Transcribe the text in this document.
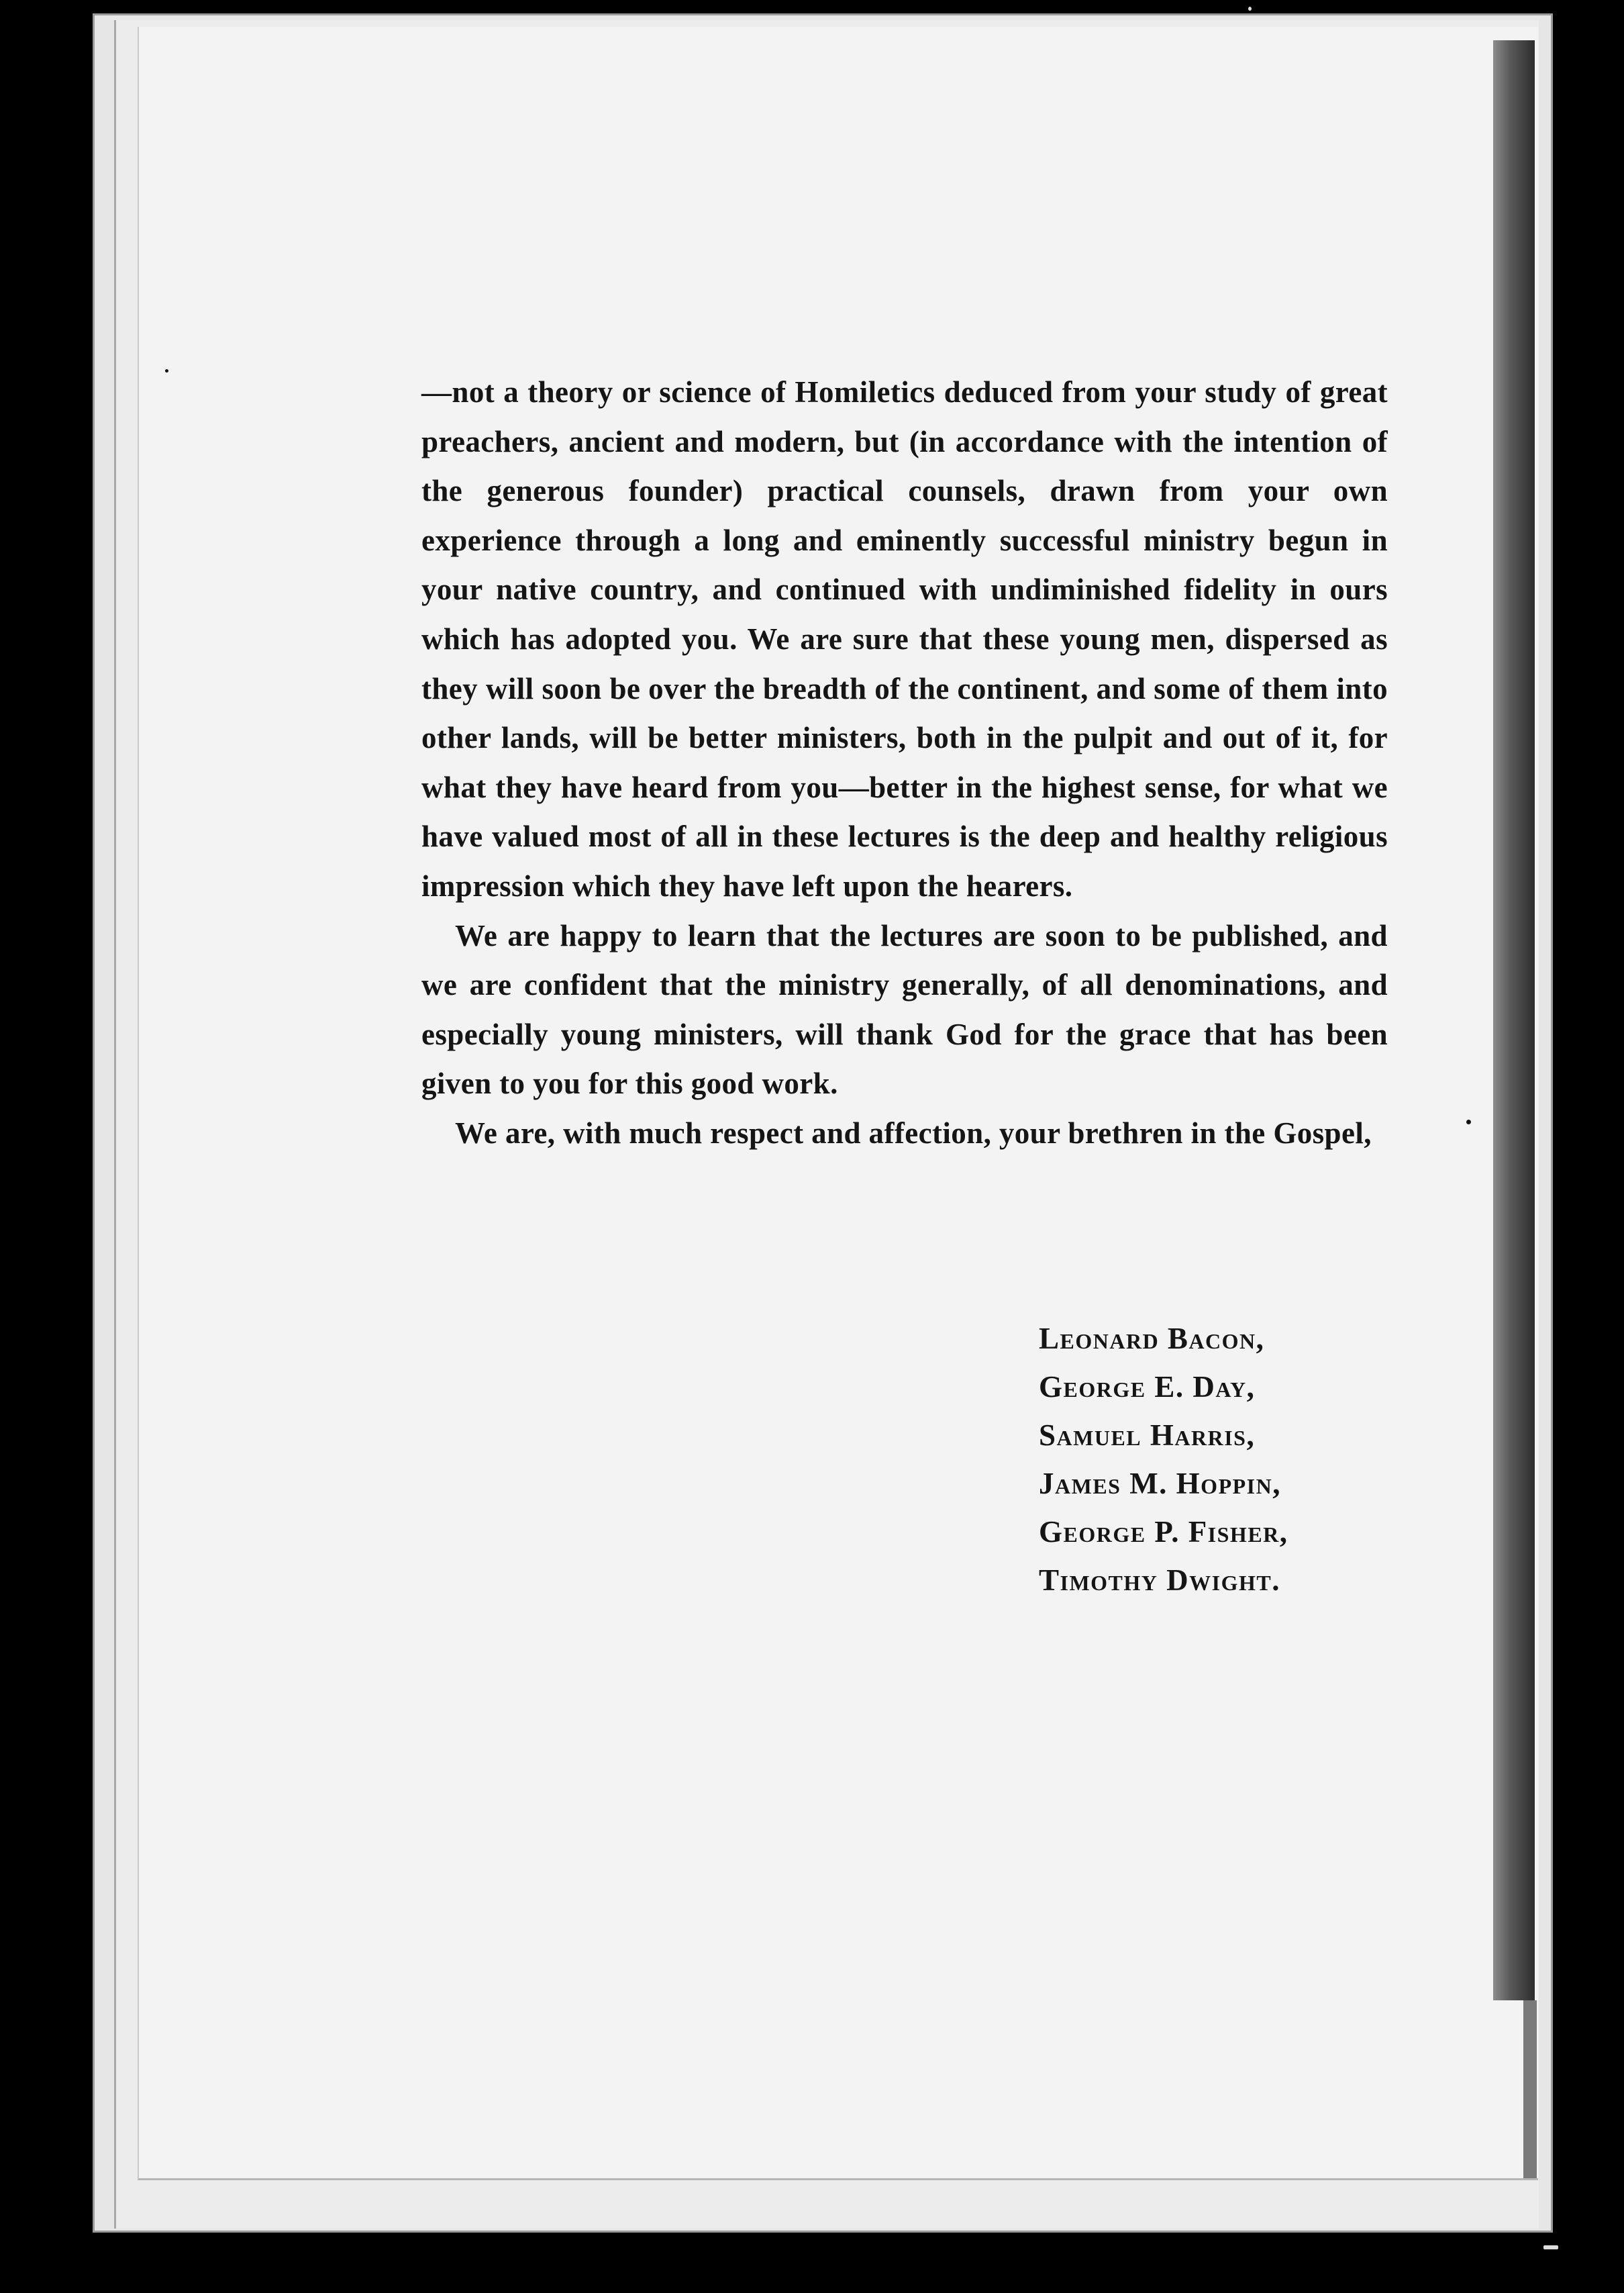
—not a theory or science of Homiletics deduced from your study of great preachers, ancient and modern, but (in accordance with the intention of the generous founder) practical counsels, drawn from your own experience through a long and eminently successful ministry begun in your native country, and continued with undiminished fidelity in ours which has adopted you. We are sure that these young men, dispersed as they will soon be over the breadth of the continent, and some of them into other lands, will be better ministers, both in the pulpit and out of it, for what they have heard from you—better in the highest sense, for what we have valued most of all in these lectures is the deep and healthy religious impression which they have left upon the hearers.

We are happy to learn that the lectures are soon to be published, and we are confident that the ministry generally, of all denominations, and especially young ministers, will thank God for the grace that has been given to you for this good work.

We are, with much respect and affection, your brethren in the Gospel,

Leonard Bacon,
George E. Day,
Samuel Harris,
James M. Hoppin,
George P. Fisher,
Timothy Dwight.
